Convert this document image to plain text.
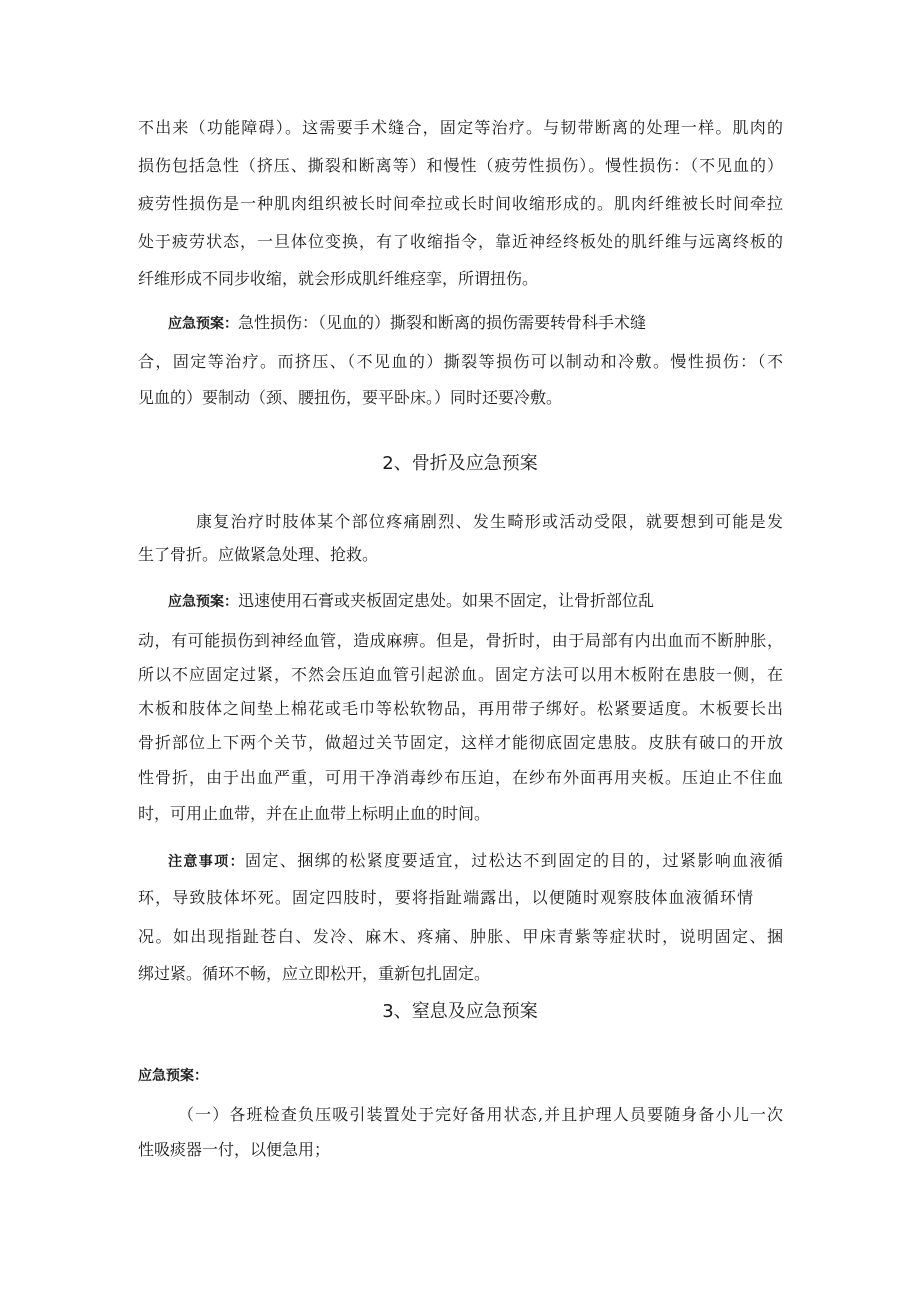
不出来（功能障碍）。这需要手术缝合，固定等治疗。与韧带断离的处理一样。肌肉的
损伤包括急性（挤压、撕裂和断离等）和慢性（疲劳性损伤）。慢性损伤：（不见血的）
疲劳性损伤是一种肌肉组织被长时间牵拉或长时间收缩形成的。肌肉纤维被长时间牵拉
处于疲劳状态，一旦体位变换，有了收缩指令，靠近神经终板处的肌纤维与远离终板的
纤维形成不同步收缩，就会形成肌纤维痉挛，所谓扭伤。
应急预案：急性损伤：（见血的）撕裂和断离的损伤需要转骨科手术缝
合，固定等治疗。而挤压、（不见血的）撕裂等损伤可以制动和冷敷。慢性损伤：（不
见血的）要制动（颈、腰扭伤，要平卧床。）同时还要冷敷。
2、骨折及应急预案
康复治疗时肢体某个部位疼痛剧烈、发生畸形或活动受限，就要想到可能是发
生了骨折。应做紧急处理、抢救。
应急预案：迅速使用石膏或夹板固定患处。如果不固定，让骨折部位乱
动，有可能损伤到神经血管，造成麻痹。但是，骨折时，由于局部有内出血而不断肿胀，
所以不应固定过紧，不然会压迫血管引起淤血。固定方法可以用木板附在患肢一侧，在
木板和肢体之间垫上棉花或毛巾等松软物品，再用带子绑好。松紧要适度。木板要长出
骨折部位上下两个关节，做超过关节固定，这样才能彻底固定患肢。皮肤有破口的开放
性骨折，由于出血严重，可用干净消毒纱布压迫，在纱布外面再用夹板。压迫止不住血
时，可用止血带，并在止血带上标明止血的时间。
注意事项：固定、捆绑的松紧度要适宜，过松达不到固定的目的，过紧影响血液循
环，导致肢体坏死。固定四肢时，要将指趾端露出，以便随时观察肢体血液循环情
况。如出现指趾苍白、发冷、麻木、疼痛、肿胀、甲床青紫等症状时，说明固定、捆
绑过紧。循环不畅，应立即松开，重新包扎固定。
3、窒息及应急预案
应急预案：
（一）各班检查负压吸引装置处于完好备用状态,并且护理人员要随身备小儿一次
性吸痰器一付，以便急用；
